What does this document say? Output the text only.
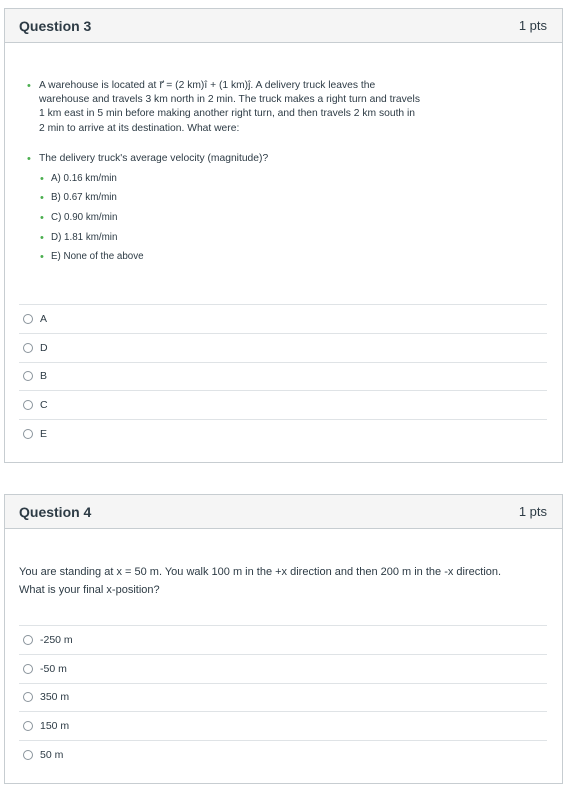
Question 3	1 pts
• A warehouse is located at r⃗ = (2 km)î + (1 km)ĵ. A delivery truck leaves the
warehouse and travels 3 km north in 2 min. The truck makes a right turn and travels
1 km east in 5 min before making another right turn, and then travels 2 km south in
2 min to arrive at its destination. What were:
• The delivery truck's average velocity (magnitude)?
• A) 0.16 km/min
• B) 0.67 km/min
• C) 0.90 km/min
• D) 1.81 km/min
• E) None of the above
A
D
B
C
E
Question 4	1 pts
You are standing at x = 50 m. You walk 100 m in the +x direction and then 200 m in the -x direction.
What is your final x-position?
-250 m
-50 m
350 m
150 m
50 m
